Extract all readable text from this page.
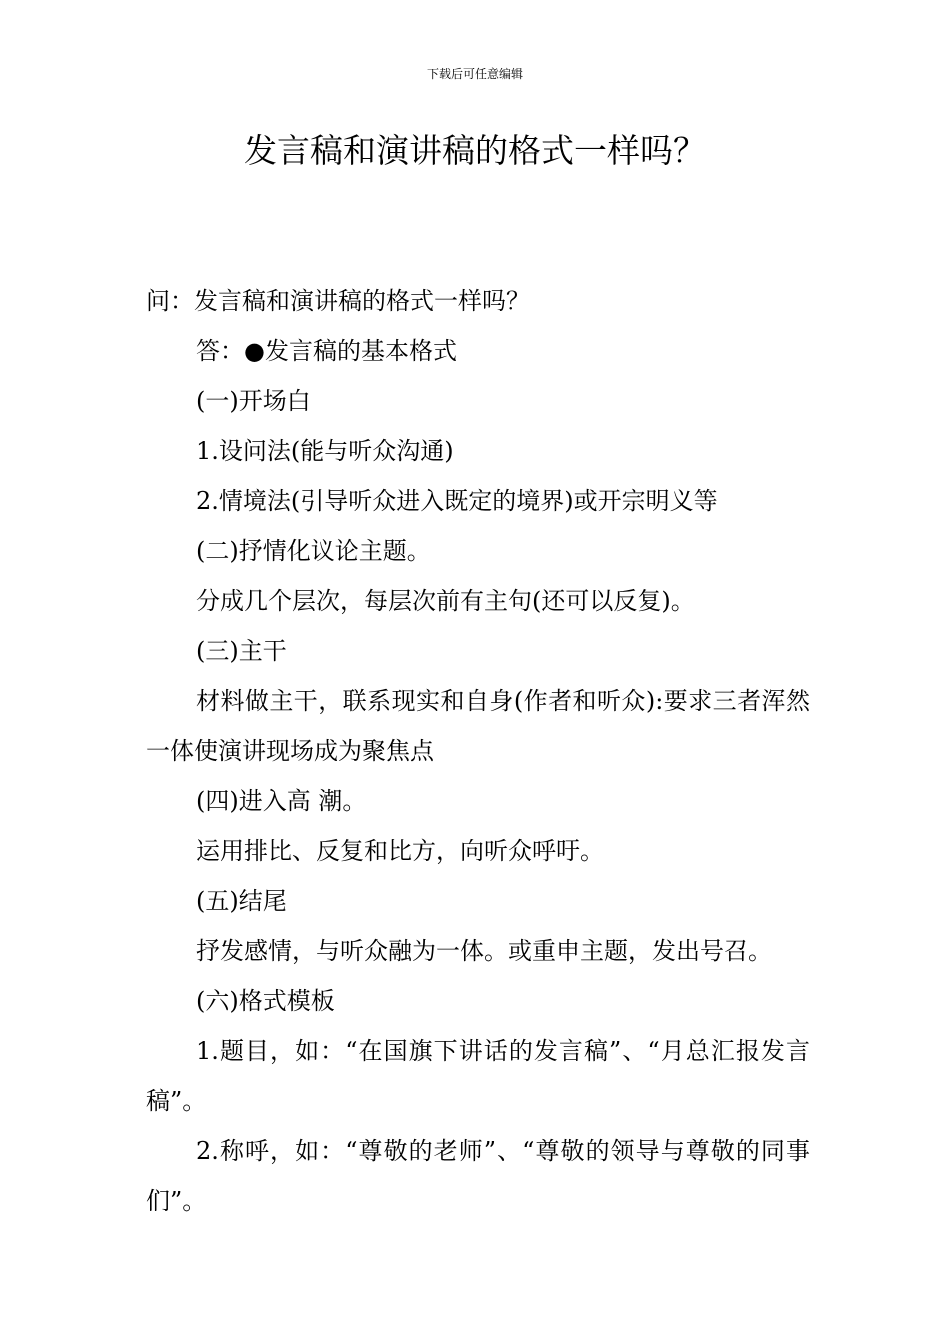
下载后可任意编辑
发言稿和演讲稿的格式一样吗？

问：发言稿和演讲稿的格式一样吗？

答：●发言稿的基本格式

(一)开场白

1.设问法(能与听众沟通)

2.情境法(引导听众进入既定的境界)或开宗明义等

(二)抒情化议论主题。

分成几个层次，每层次前有主句(还可以反复)。

(三)主干

材料做主干，联系现实和自身(作者和听众):要求三者浑然一体使演讲现场成为聚焦点

(四)进入高 潮。

运用排比、反复和比方，向听众呼吁。

(五)结尾

抒发感情，与听众融为一体。或重申主题，发出号召。

(六)格式模板

1.题目，如：“在国旗下讲话的发言稿”、“月总汇报发言稿”。

2.称呼，如：“尊敬的老师”、“尊敬的领导与尊敬的同事们”。
